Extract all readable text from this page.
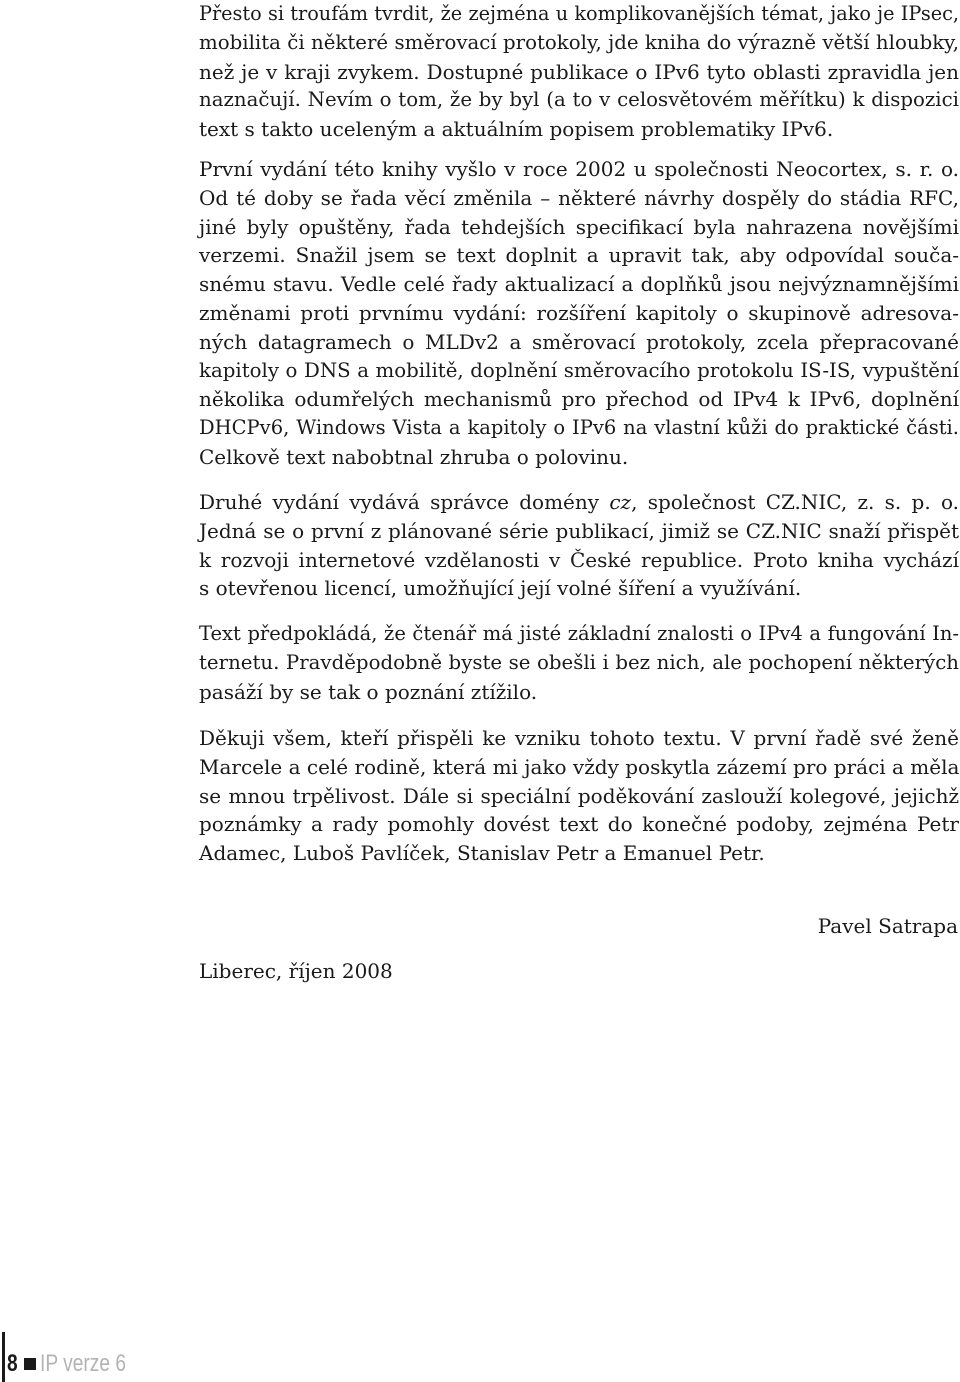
Přesto si troufám tvrdit, že zejména u komplikovanějších témat, jako je IPsec,
mobilita či některé směrovací protokoly, jde kniha do výrazně větší hloubky,
než je v kraji zvykem. Dostupné publikace o IPv6 tyto oblasti zpravidla jen
naznačují. Nevím o tom, že by byl (a to v celosvětovém měřítku) k dispozici
text s takto uceleným a aktuálním popisem problematiky IPv6.
První vydání této knihy vyšlo v roce 2002 u společnosti Neocortex, s. r. o.
Od té doby se řada věcí změnila – některé návrhy dospěly do stádia RFC,
jiné byly opuštěny, řada tehdejších specifikací byla nahrazena novějšími
verzemi. Snažil jsem se text doplnit a upravit tak, aby odpovídal souča-
snému stavu. Vedle celé řady aktualizací a doplňků jsou nejvýznamnějšími
změnami proti prvnímu vydání: rozšíření kapitoly o skupinově adresova-
ných datagramech o MLDv2 a směrovací protokoly, zcela přepracované
kapitoly o DNS a mobilitě, doplnění směrovacího protokolu IS-IS, vypuštění
několika odumřelých mechanismů pro přechod od IPv4 k IPv6, doplnění
DHCPv6, Windows Vista a kapitoly o IPv6 na vlastní kůži do praktické části.
Celkově text nabobtnal zhruba o polovinu.
Druhé vydání vydává správce domény cz, společnost CZ.NIC, z. s. p. o.
Jedná se o první z plánované série publikací, jimiž se CZ.NIC snaží přispět
k rozvoji internetové vzdělanosti v České republice. Proto kniha vychází
s otevřenou licencí, umožňující její volné šíření a využívání.
Text předpokládá, že čtenář má jisté základní znalosti o IPv4 a fungování In-
ternetu. Pravděpodobně byste se obešli i bez nich, ale pochopení některých
pasáží by se tak o poznání ztížilo.
Děkuji všem, kteří přispěli ke vzniku tohoto textu. V první řadě své ženě
Marcele a celé rodině, která mi jako vždy poskytla zázemí pro práci a měla
se mnou trpělivost. Dále si speciální poděkování zaslouží kolegové, jejichž
poznámky a rady pomohly dovést text do konečné podoby, zejména Petr
Adamec, Luboš Pavlíček, Stanislav Petr a Emanuel Petr.

Pavel Satrapa

Liberec, říjen 2008

8 IP verze 6
